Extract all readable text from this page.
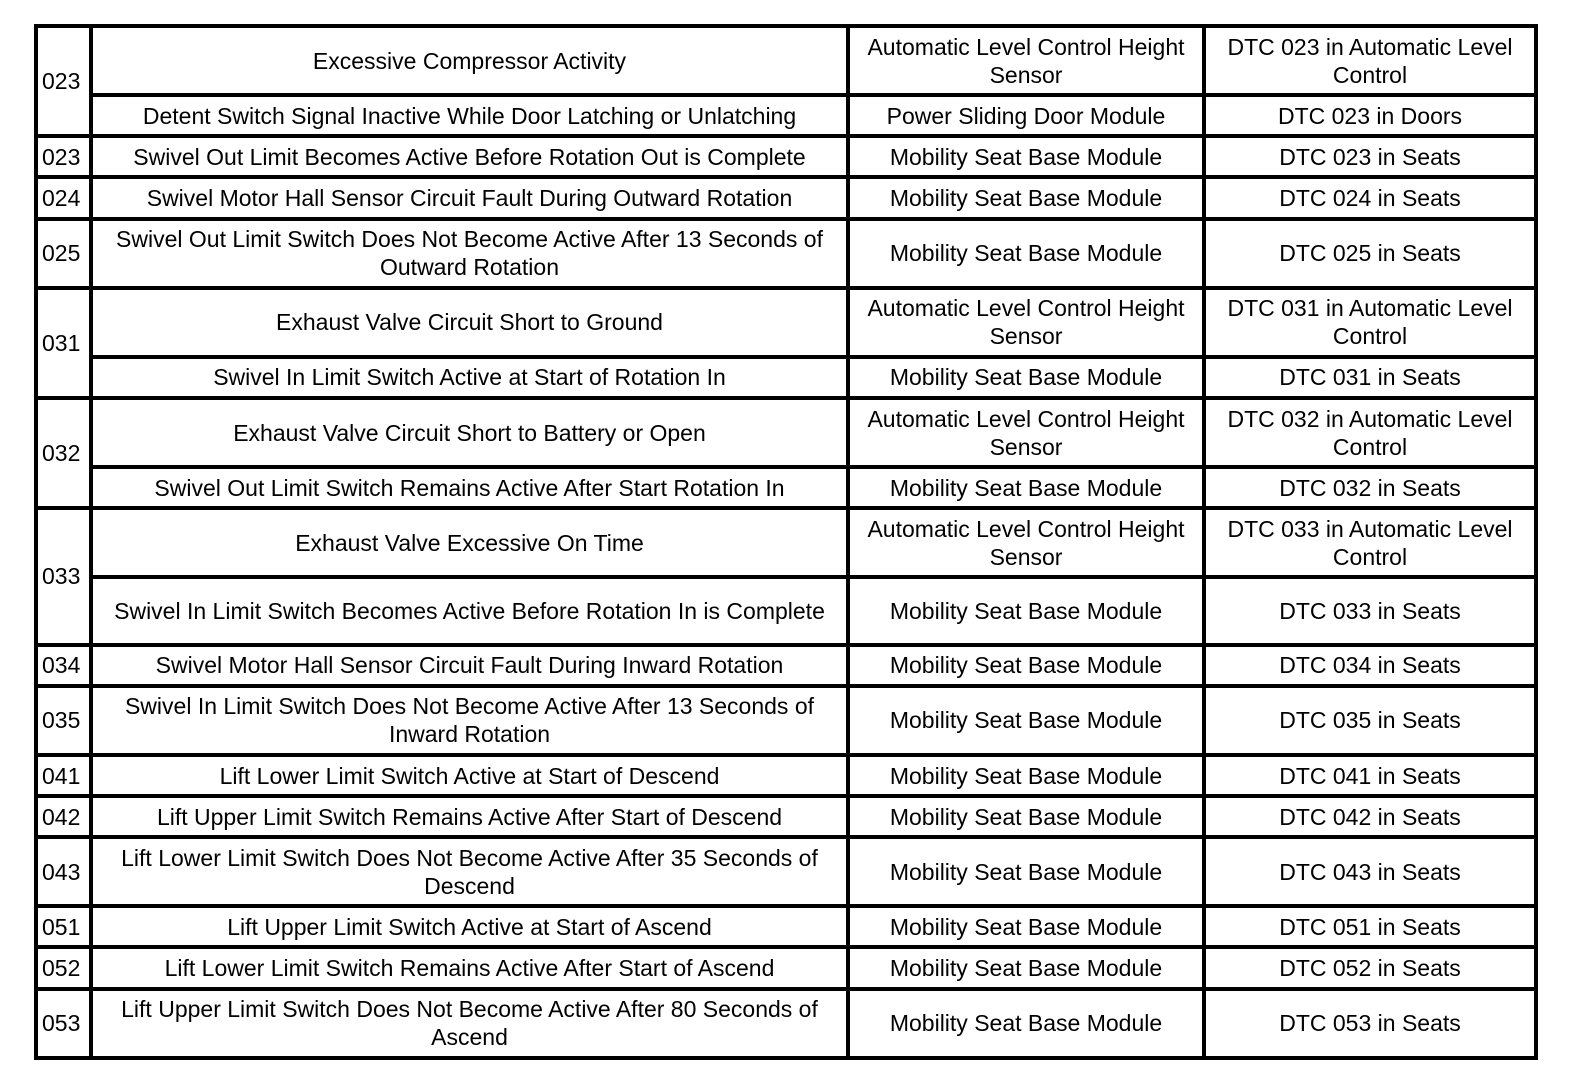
023	Excessive Compressor Activity	Automatic Level Control Height Sensor	DTC 023 in Automatic Level Control
	Detent Switch Signal Inactive While Door Latching or Unlatching	Power Sliding Door Module	DTC 023 in Doors
023	Swivel Out Limit Becomes Active Before Rotation Out is Complete	Mobility Seat Base Module	DTC 023 in Seats
024	Swivel Motor Hall Sensor Circuit Fault During Outward Rotation	Mobility Seat Base Module	DTC 024 in Seats
025	Swivel Out Limit Switch Does Not Become Active After 13 Seconds of Outward Rotation	Mobility Seat Base Module	DTC 025 in Seats
031	Exhaust Valve Circuit Short to Ground	Automatic Level Control Height Sensor	DTC 031 in Automatic Level Control
	Swivel In Limit Switch Active at Start of Rotation In	Mobility Seat Base Module	DTC 031 in Seats
032	Exhaust Valve Circuit Short to Battery or Open	Automatic Level Control Height Sensor	DTC 032 in Automatic Level Control
	Swivel Out Limit Switch Remains Active After Start Rotation In	Mobility Seat Base Module	DTC 032 in Seats
033	Exhaust Valve Excessive On Time	Automatic Level Control Height Sensor	DTC 033 in Automatic Level Control
	Swivel In Limit Switch Becomes Active Before Rotation In is Complete	Mobility Seat Base Module	DTC 033 in Seats
034	Swivel Motor Hall Sensor Circuit Fault During Inward Rotation	Mobility Seat Base Module	DTC 034 in Seats
035	Swivel In Limit Switch Does Not Become Active After 13 Seconds of Inward Rotation	Mobility Seat Base Module	DTC 035 in Seats
041	Lift Lower Limit Switch Active at Start of Descend	Mobility Seat Base Module	DTC 041 in Seats
042	Lift Upper Limit Switch Remains Active After Start of Descend	Mobility Seat Base Module	DTC 042 in Seats
043	Lift Lower Limit Switch Does Not Become Active After 35 Seconds of Descend	Mobility Seat Base Module	DTC 043 in Seats
051	Lift Upper Limit Switch Active at Start of Ascend	Mobility Seat Base Module	DTC 051 in Seats
052	Lift Lower Limit Switch Remains Active After Start of Ascend	Mobility Seat Base Module	DTC 052 in Seats
053	Lift Upper Limit Switch Does Not Become Active After 80 Seconds of Ascend	Mobility Seat Base Module	DTC 053 in Seats
